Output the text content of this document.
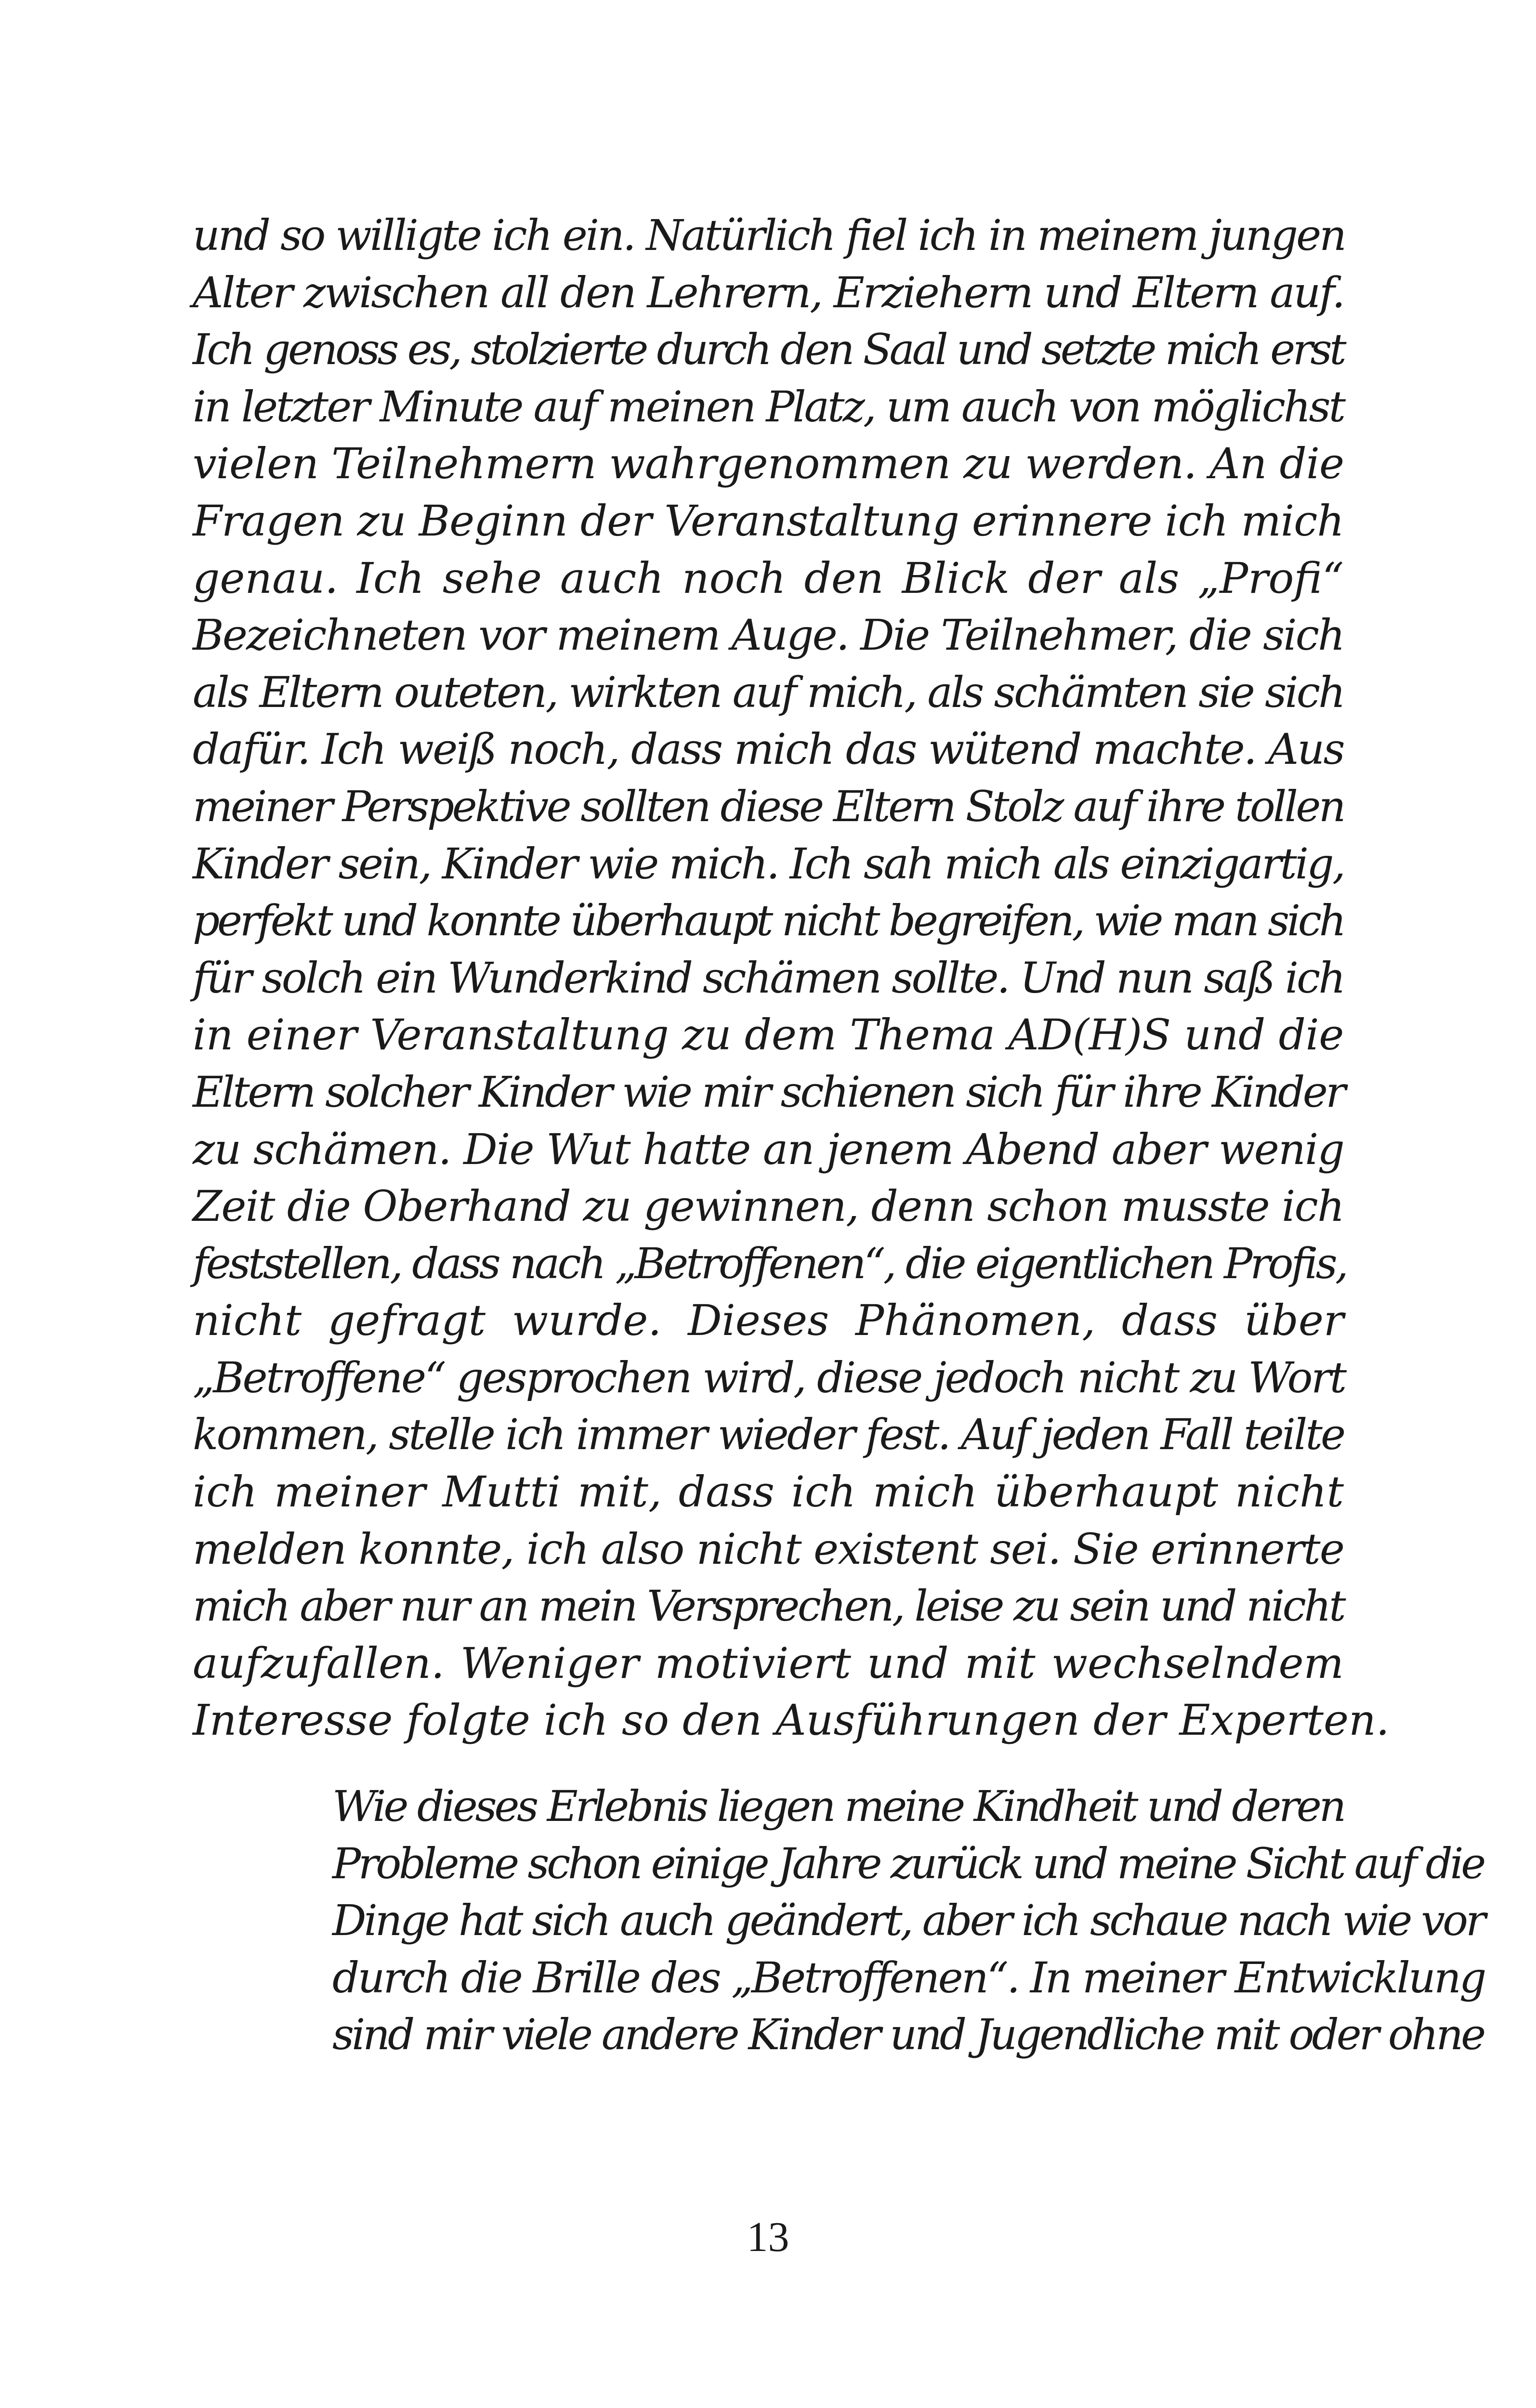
und so willigte ich ein. Natürlich fiel ich in meinem jungen
Alter zwischen all den Lehrern, Erziehern und Eltern auf.
Ich genoss es, stolzierte durch den Saal und setzte mich erst
in letzter Minute auf meinen Platz, um auch von möglichst
vielen Teilnehmern wahrgenommen zu werden. An die
Fragen zu Beginn der Veranstaltung erinnere ich mich
genau. Ich sehe auch noch den Blick der als „Profi“
Bezeichneten vor meinem Auge. Die Teilnehmer, die sich
als Eltern outeten, wirkten auf mich, als schämten sie sich
dafür. Ich weiß noch, dass mich das wütend machte. Aus
meiner Perspektive sollten diese Eltern Stolz auf ihre tollen
Kinder sein, Kinder wie mich. Ich sah mich als einzigartig,
perfekt und konnte überhaupt nicht begreifen, wie man sich
für solch ein Wunderkind schämen sollte. Und nun saß ich
in einer Veranstaltung zu dem Thema AD(H)S und die
Eltern solcher Kinder wie mir schienen sich für ihre Kinder
zu schämen. Die Wut hatte an jenem Abend aber wenig
Zeit die Oberhand zu gewinnen, denn schon musste ich
feststellen, dass nach „Betroffenen“, die eigentlichen Profis,
nicht gefragt wurde. Dieses Phänomen, dass über
„Betroffene“ gesprochen wird, diese jedoch nicht zu Wort
kommen, stelle ich immer wieder fest. Auf jeden Fall teilte
ich meiner Mutti mit, dass ich mich überhaupt nicht
melden konnte, ich also nicht existent sei. Sie erinnerte
mich aber nur an mein Versprechen, leise zu sein und nicht
aufzufallen. Weniger motiviert und mit wechselndem
Interesse folgte ich so den Ausführungen der Experten.

Wie dieses Erlebnis liegen meine Kindheit und deren
Probleme schon einige Jahre zurück und meine Sicht auf die
Dinge hat sich auch geändert, aber ich schaue nach wie vor
durch die Brille des „Betroffenen“. In meiner Entwicklung
sind mir viele andere Kinder und Jugendliche mit oder ohne

13
